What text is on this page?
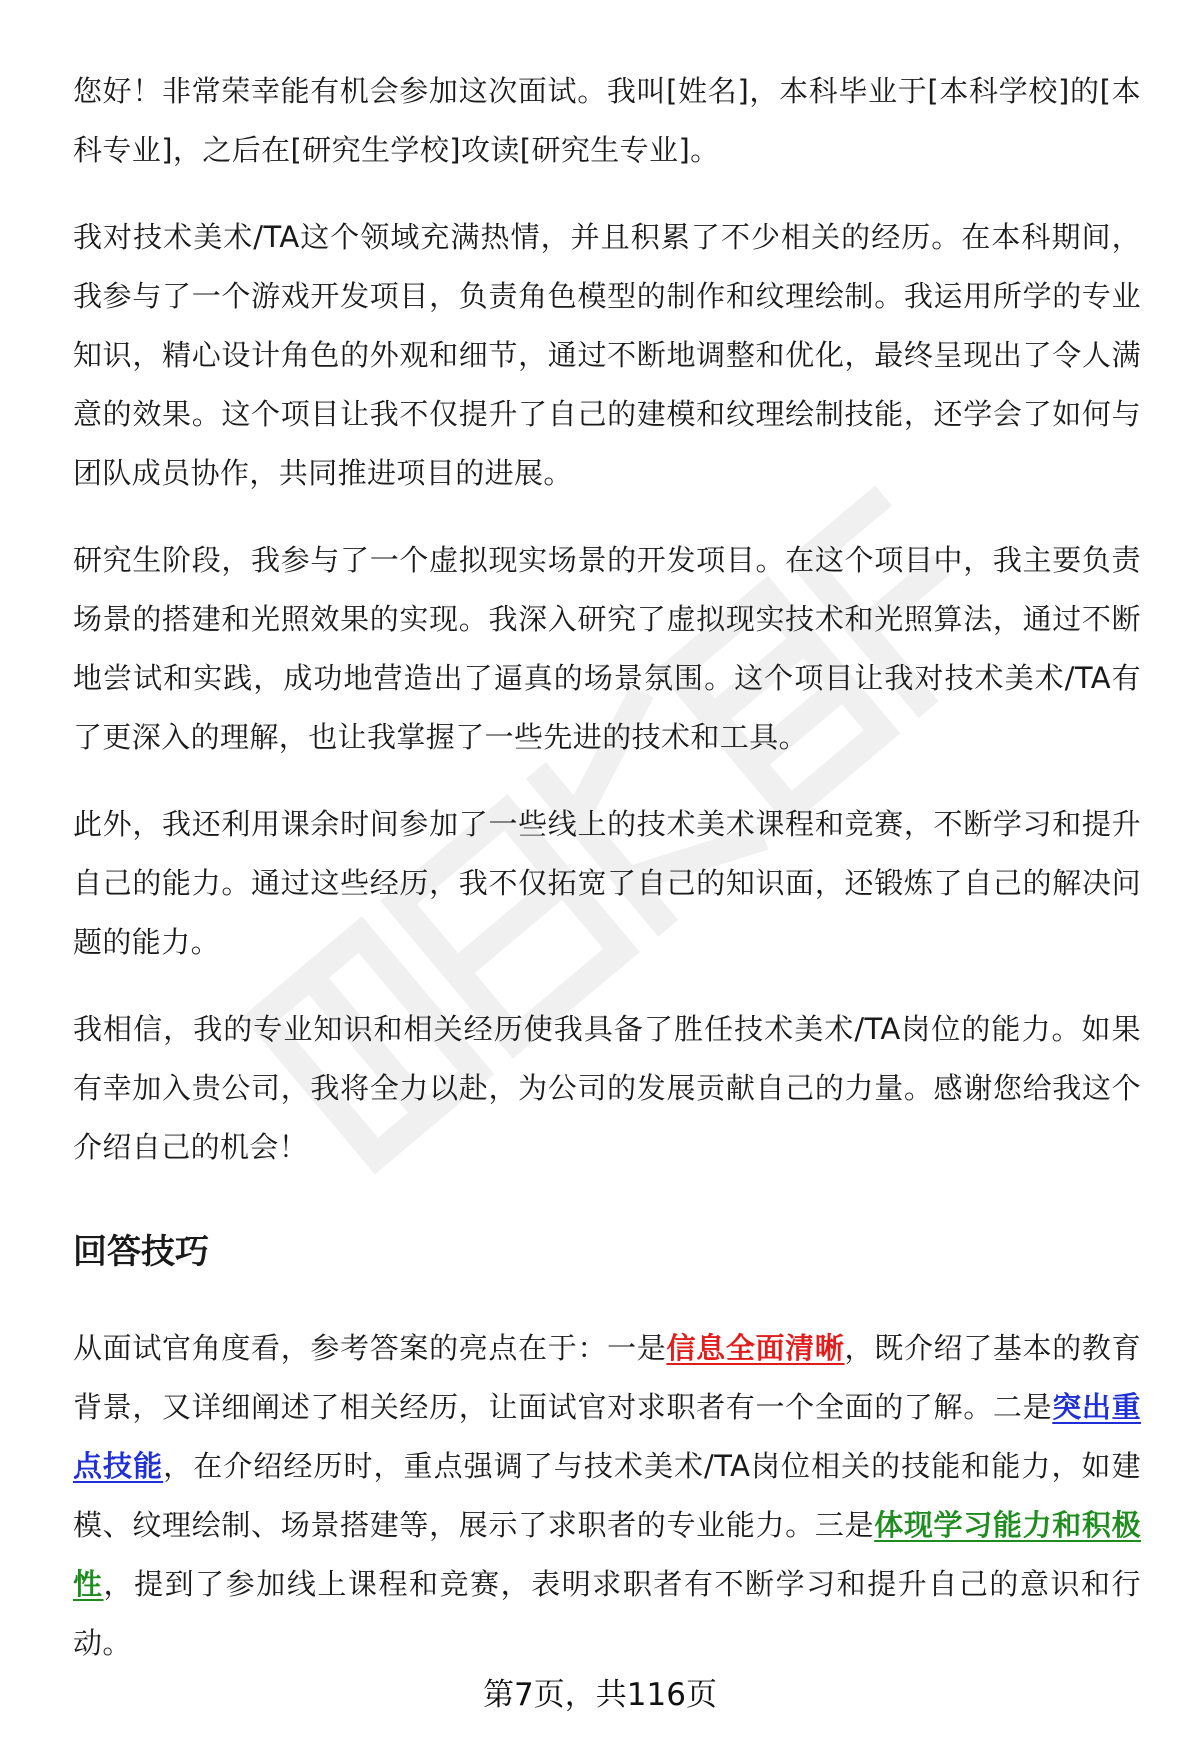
您好！非常荣幸能有机会参加这次面试。我叫[姓名]，本科毕业于[本科学校]的[本科专业]，之后在[研究生学校]攻读[研究生专业]。

我对技术美术/TA这个领域充满热情，并且积累了不少相关的经历。在本科期间，我参与了一个游戏开发项目，负责角色模型的制作和纹理绘制。我运用所学的专业知识，精心设计角色的外观和细节，通过不断地调整和优化，最终呈现出了令人满意的效果。这个项目让我不仅提升了自己的建模和纹理绘制技能，还学会了如何与团队成员协作，共同推进项目的进展。

研究生阶段，我参与了一个虚拟现实场景的开发项目。在这个项目中，我主要负责场景的搭建和光照效果的实现。我深入研究了虚拟现实技术和光照算法，通过不断地尝试和实践，成功地营造出了逼真的场景氛围。这个项目让我对技术美术/TA有了更深入的理解，也让我掌握了一些先进的技术和工具。

此外，我还利用课余时间参加了一些线上的技术美术课程和竞赛，不断学习和提升自己的能力。通过这些经历，我不仅拓宽了自己的知识面，还锻炼了自己的解决问题的能力。

我相信，我的专业知识和相关经历使我具备了胜任技术美术/TA岗位的能力。如果有幸加入贵公司，我将全力以赴，为公司的发展贡献自己的力量。感谢您给我这个介绍自己的机会！

回答技巧

从面试官角度看，参考答案的亮点在于：一是信息全面清晰，既介绍了基本的教育背景，又详细阐述了相关经历，让面试官对求职者有一个全面的了解。二是突出重点技能，在介绍经历时，重点强调了与技术美术/TA岗位相关的技能和能力，如建模、纹理绘制、场景搭建等，展示了求职者的专业能力。三是体现学习能力和积极性，提到了参加线上课程和竞赛，表明求职者有不断学习和提升自己的意识和行动。

第7页，共116页
